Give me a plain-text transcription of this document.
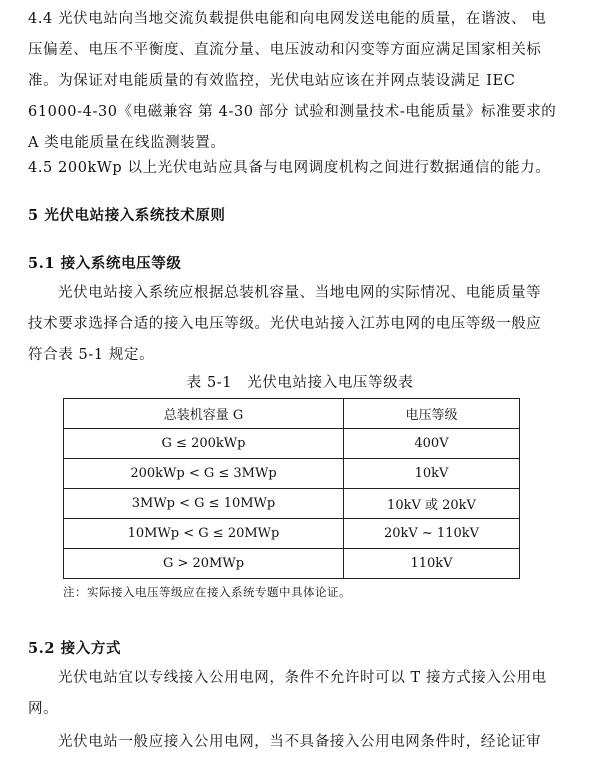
4.4 光伏电站向当地交流负载提供电能和向电网发送电能的质量，在谐波、 电
压偏差、电压不平衡度、直流分量、电压波动和闪变等方面应满足国家相关标
准。为保证对电能质量的有效监控，光伏电站应该在并网点装设满足 IEC
61000-4-30《电磁兼容 第 4-30 部分 试验和测量技术-电能质量》标准要求的
A 类电能质量在线监测装置。
4.5 200kWp 以上光伏电站应具备与电网调度机构之间进行数据通信的能力。
5 光伏电站接入系统技术原则
5.1 接入系统电压等级
光伏电站接入系统应根据总装机容量、当地电网的实际情况、电能质量等
技术要求选择合适的接入电压等级。光伏电站接入江苏电网的电压等级一般应
符合表 5-1 规定。
表 5-1　光伏电站接入电压等级表
总装机容量 G	电压等级
G ≤ 200kWp	400V
200kWp < G ≤ 3MWp	10kV
3MWp < G ≤ 10MWp	10kV 或 20kV
10MWp < G ≤ 20MWp	20kV ~ 110kV
G > 20MWp	110kV
注：实际接入电压等级应在接入系统专题中具体论证。
5.2 接入方式
光伏电站宜以专线接入公用电网，条件不允许时可以 T 接方式接入公用电
网。
光伏电站一般应接入公用电网，当不具备接入公用电网条件时，经论证审
